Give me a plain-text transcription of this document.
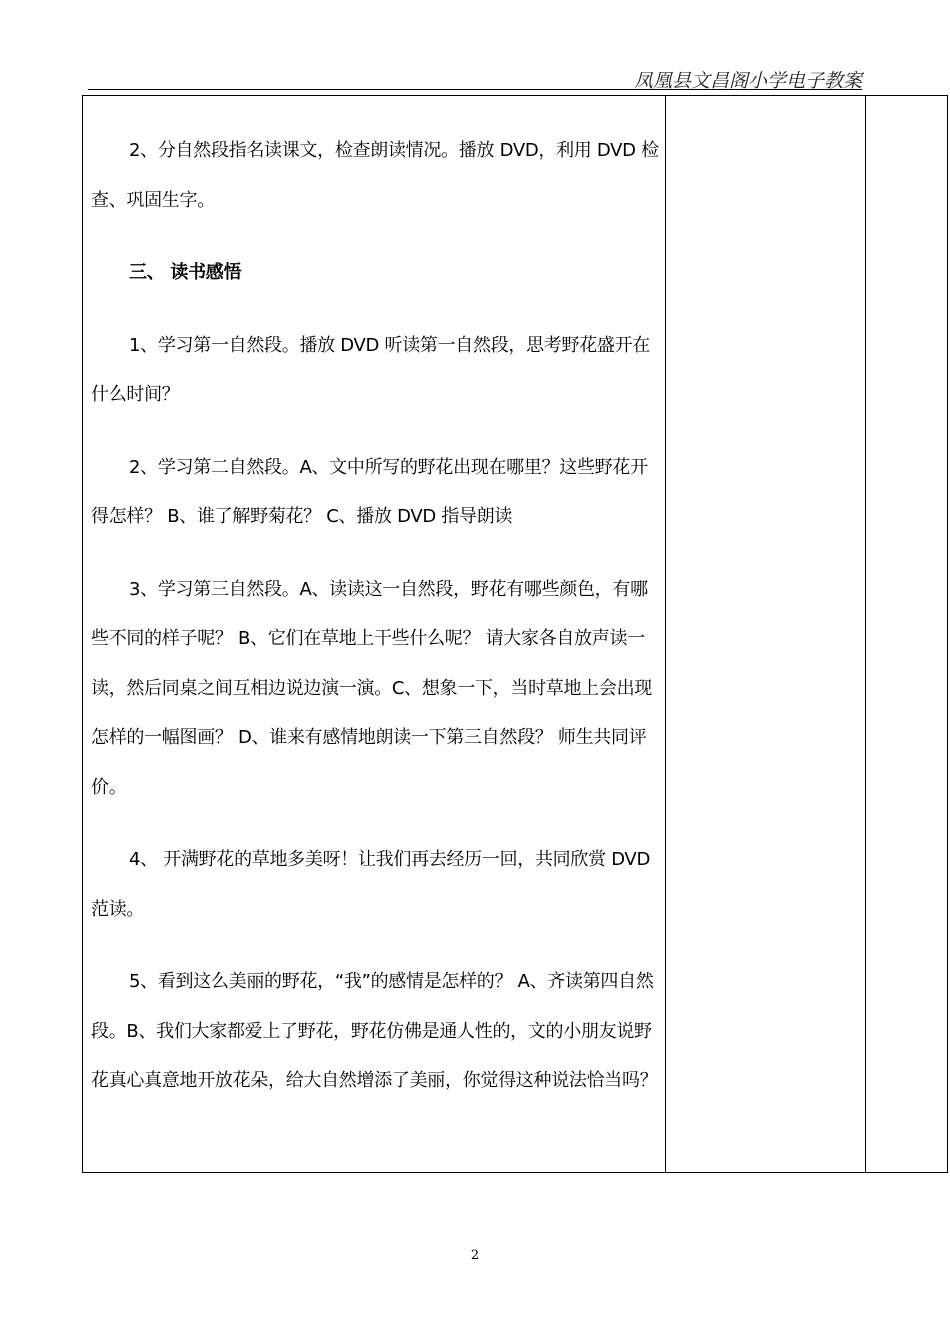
凤凰县文昌阁小学电子教案

2、分自然段指名读课文，检查朗读情况。播放 DVD，利用 DVD 检查、巩固生字。

三、 读书感悟

1、学习第一自然段。播放 DVD 听读第一自然段，思考野花盛开在什么时间？

2、学习第二自然段。A、文中所写的野花出现在哪里？这些野花开得怎样？ B、谁了解野菊花？ C、播放 DVD 指导朗读

3、学习第三自然段。A、读读这一自然段，野花有哪些颜色，有哪些不同的样子呢？ B、它们在草地上干些什么呢？ 请大家各自放声读一读，然后同桌之间互相边说边演一演。C、想象一下，当时草地上会出现怎样的一幅图画？ D、谁来有感情地朗读一下第三自然段？ 师生共同评价。

4、 开满野花的草地多美呀！让我们再去经历一回，共同欣赏 DVD 范读。

5、看到这么美丽的野花，“我”的感情是怎样的？ A、齐读第四自然段。B、我们大家都爱上了野花，野花仿佛是通人性的，文的小朋友说野花真心真意地开放花朵，给大自然增添了美丽，你觉得这种说法恰当吗？

2
